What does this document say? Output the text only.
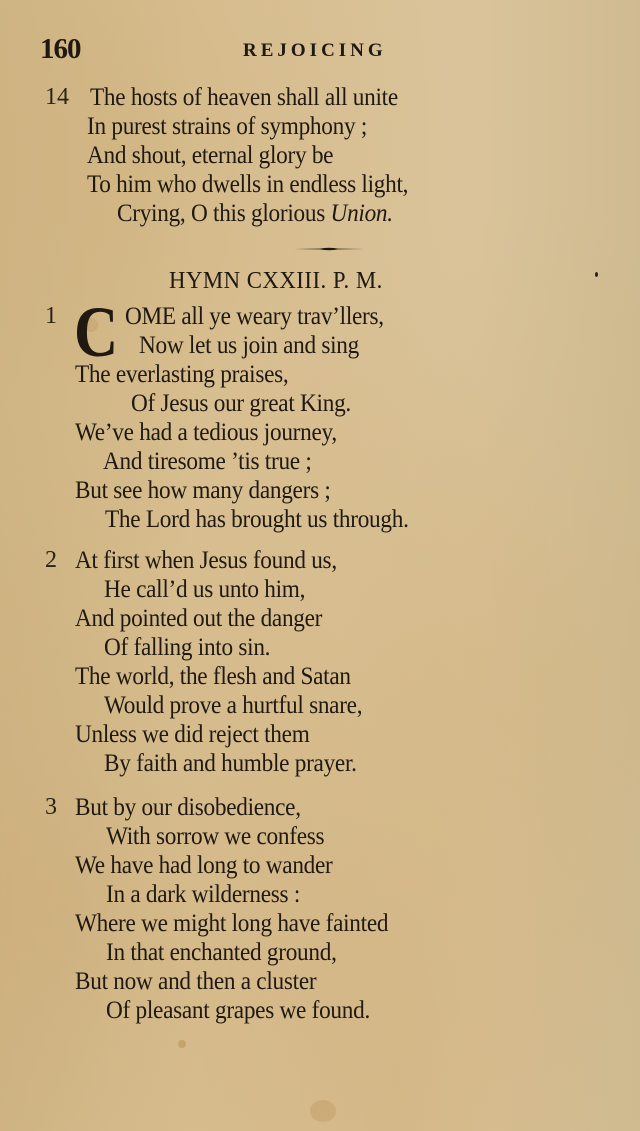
160	REJOICING
14 The hosts of heaven shall all unite
In purest strains of symphony ;
And shout, eternal glory be
To him who dwells in endless light,
Crying, O this glorious Union.
HYMN CXXIII. P. M.
1 C OME all ye weary trav’llers,
Now let us join and sing
The everlasting praises,
Of Jesus our great King.
We’ve had a tedious journey,
And tiresome ’tis true ;
But see how many dangers ;
The Lord has brought us through.
2 At first when Jesus found us,
He call’d us unto him,
And pointed out the danger
Of falling into sin.
The world, the flesh and Satan
Would prove a hurtful snare,
Unless we did reject them
By faith and humble prayer.
3 But by our disobedience,
With sorrow we confess
We have had long to wander
In a dark wilderness :
Where we might long have fainted
In that enchanted ground,
But now and then a cluster
Of pleasant grapes we found.
